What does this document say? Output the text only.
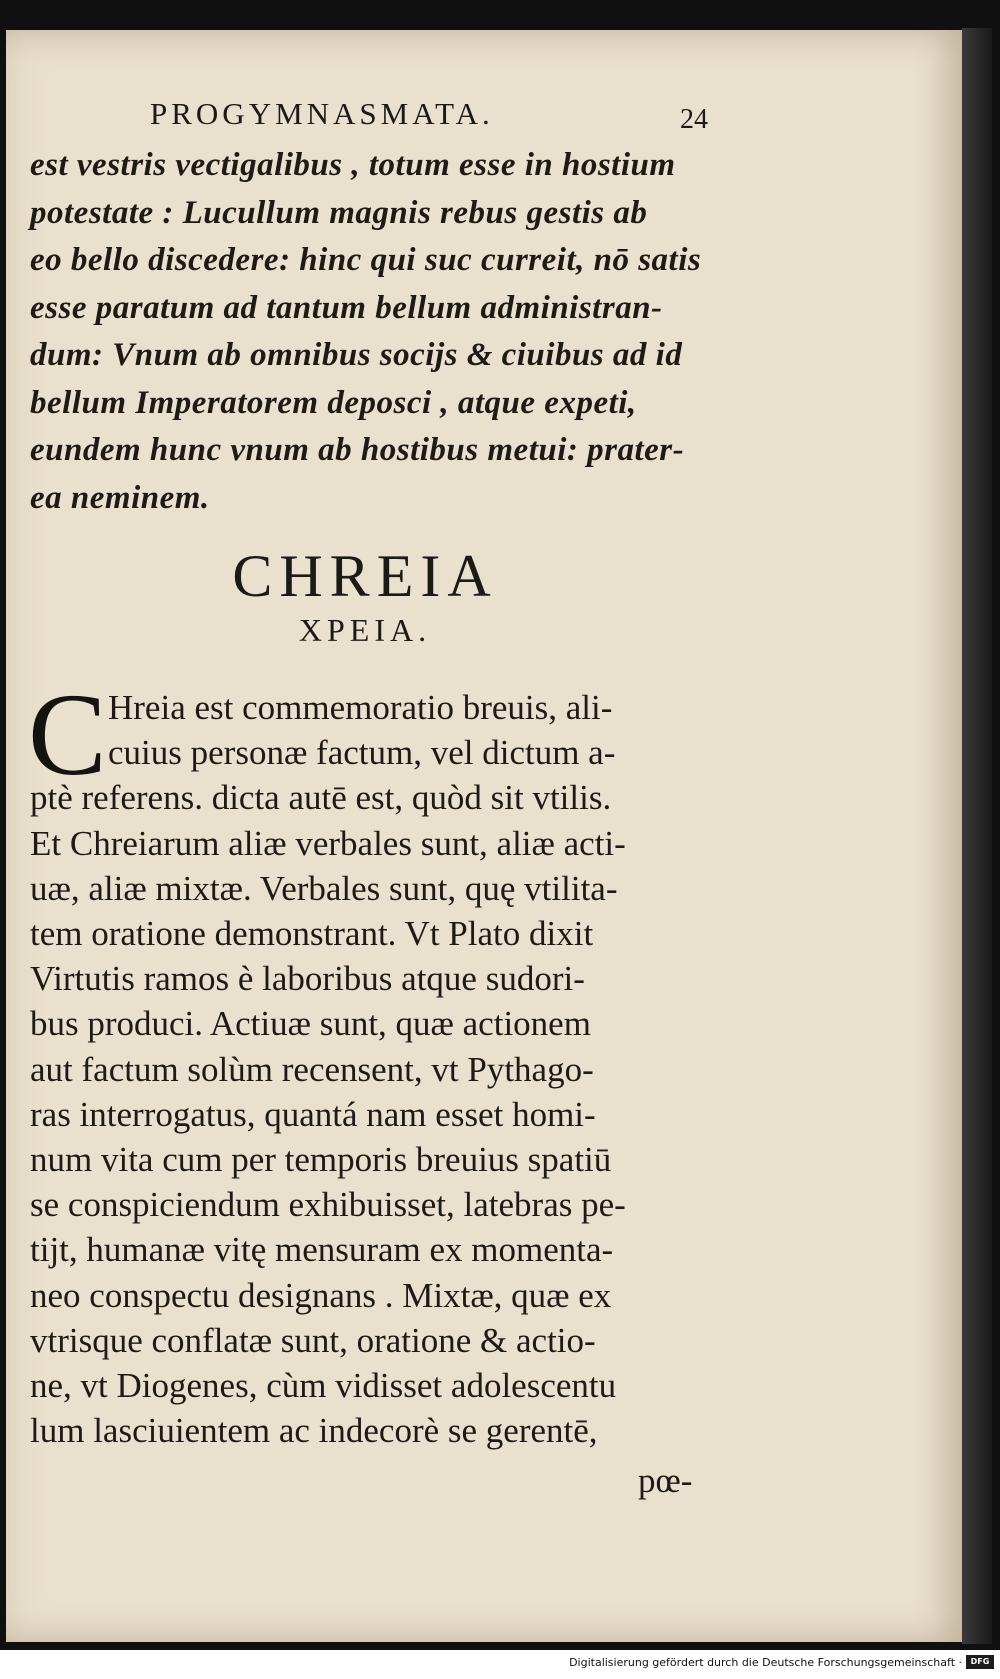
PROGYMNASMATA.	24
est vestris vectigalibus , totum esse in hostium
potestate : Lucullum magnis rebus gestis ab
eo bello discedere: hinc qui suc curreit, nō satis
esse paratum ad tantum bellum administran-
dum: Vnum ab omnibus socijs & ciuibus ad id
bellum Imperatorem deposci , atque expeti,
eundem hunc vnum ab hostibus metui: prater-
ea neminem.
CHREIA
ΧΡΕΙΑ.
C Hreia est commemoratio breuis, ali-
cuius personæ factum, vel dictum a-
ptè referens. dicta autē est, quòd sit vtilis.
Et Chreiarum aliæ verbales sunt, aliæ acti-
uæ, aliæ mixtæ. Verbales sunt, quę vtilita-
tem oratione demonstrant. Vt Plato dixit
Virtutis ramos è laboribus atque sudori-
bus produci. Actiuæ sunt, quæ actionem
aut factum solùm recensent, vt Pythago-
ras interrogatus, quantá nam esset homi-
num vita cum per temporis breuius spatiū
se conspiciendum exhibuisset, latebras pe-
tijt, humanæ vitę mensuram ex momenta-
neo conspectu designans . Mixtæ, quæ ex
vtrisque conflatæ sunt, oratione & actio-
ne, vt Diogenes, cùm vidisset adolescentu
lum lasciuientem ac indecorè se gerentē,
pœ-
Digitalisierung gefördert durch die Deutsche Forschungsgemeinschaft ·	DFG
